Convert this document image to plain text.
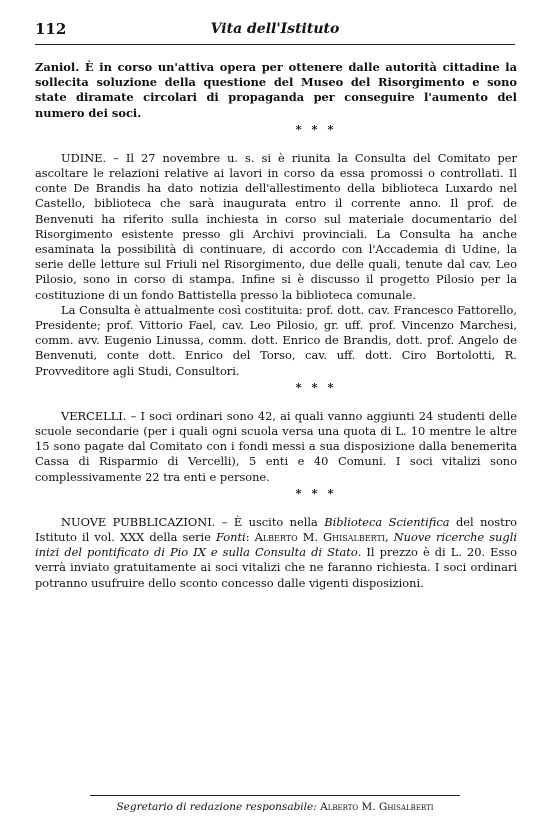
112	Vita dell'Istituto

Zaniol. È in corso un'attiva opera per ottenere dalle autorità cittadine la sollecita soluzione della questione del Museo del Risorgimento e sono state diramate circolari di propaganda per conseguire l'aumento del numero dei soci.

* * *

UDINE. – Il 27 novembre u. s. si è riunita la Consulta del Comitato per ascoltare le relazioni relative ai lavori in corso da essa promossi o controllati. Il conte De Brandis ha dato notizia dell'allestimento della biblioteca Luxardo nel Castello, biblioteca che sarà inaugurata entro il corrente anno. Il prof. de Benvenuti ha riferito sulla inchiesta in corso sul materiale documentario del Risorgimento esistente presso gli Archivi provinciali. La Consulta ha anche esaminata la possibilità di continuare, di accordo con l'Accademia di Udine, la serie delle letture sul Friuli nel Risorgimento, due delle quali, tenute dal cav. Leo Pilosio, sono in corso di stampa. Infine si è discusso il progetto Pilosio per la costituzione di un fondo Battistella presso la biblioteca comunale.

La Consulta è attualmente così costituita: prof. dott. cav. Francesco Fattorello, Presidente; prof. Vittorio Fael, cav. Leo Pilosio, gr. uff. prof. Vincenzo Marchesi, comm. avv. Eugenio Linussa, comm. dott. Enrico de Brandis, dott. prof. Angelo de Benvenuti, conte dott. Enrico del Torso, cav. uff. dott. Ciro Bortolotti, R. Provveditore agli Studi, Consultori.

* * *

VERCELLI. – I soci ordinari sono 42, ai quali vanno aggiunti 24 studenti delle scuole secondarie (per i quali ogni scuola versa una quota di L. 10 mentre le altre 15 sono pagate dal Comitato con i fondi messi a sua disposizione dalla benemerita Cassa di Risparmio di Vercelli), 5 enti e 40 Comuni. I soci vitalizi sono complessivamente 22 tra enti e persone.

* * *

NUOVE PUBBLICAZIONI. – È uscito nella Biblioteca Scientifica del nostro Istituto il vol. XXX della serie Fonti: Alberto M. Ghisalberti, Nuove ricerche sugli inizi del pontificato di Pio IX e sulla Consulta di Stato. Il prezzo è di L. 20. Esso verrà inviato gratuitamente ai soci vitalizi che ne faranno richiesta. I soci ordinari potranno usufruire dello sconto concesso dalle vigenti disposizioni.

Segretario di redazione responsabile: Alberto M. Ghisalberti
